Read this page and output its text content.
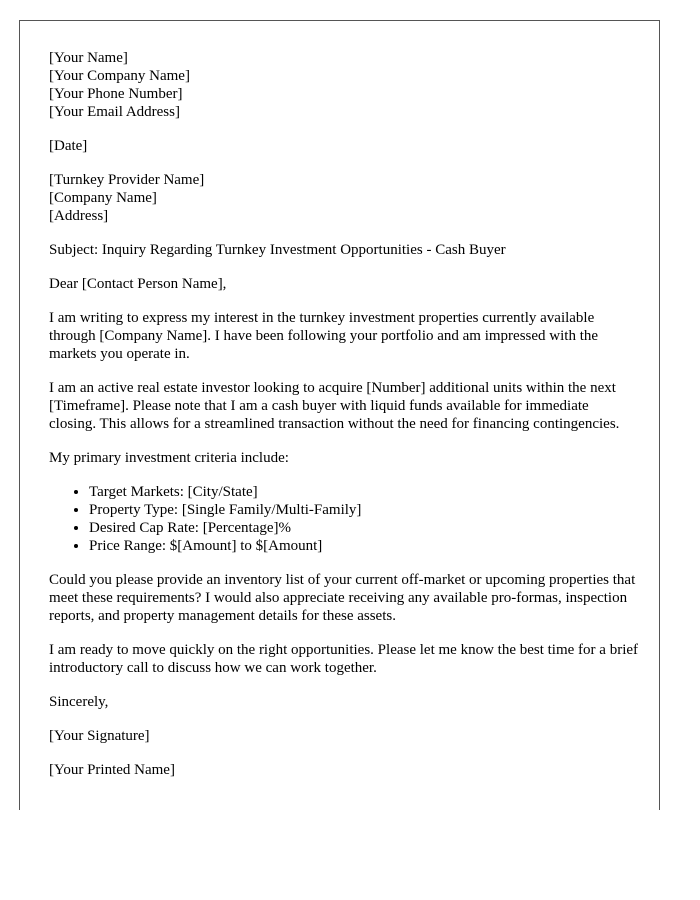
[Your Name]
[Your Company Name]
[Your Phone Number]
[Your Email Address]
[Date]
[Turnkey Provider Name]
[Company Name]
[Address]

Subject: Inquiry Regarding Turnkey Investment Opportunities - Cash Buyer

Dear [Contact Person Name],

I am writing to express my interest in the turnkey investment properties currently available through [Company Name]. I have been following your portfolio and am impressed with the markets you operate in.

I am an active real estate investor looking to acquire [Number] additional units within the next [Timeframe]. Please note that I am a cash buyer with liquid funds available for immediate closing. This allows for a streamlined transaction without the need for financing contingencies.

My primary investment criteria include:

• Target Markets: [City/State]
• Property Type: [Single Family/Multi-Family]
• Desired Cap Rate: [Percentage]%
• Price Range: $[Amount] to $[Amount]

Could you please provide an inventory list of your current off-market or upcoming properties that meet these requirements? I would also appreciate receiving any available pro-formas, inspection reports, and property management details for these assets.

I am ready to move quickly on the right opportunities. Please let me know the best time for a brief introductory call to discuss how we can work together.

Sincerely,

[Your Signature]

[Your Printed Name]
